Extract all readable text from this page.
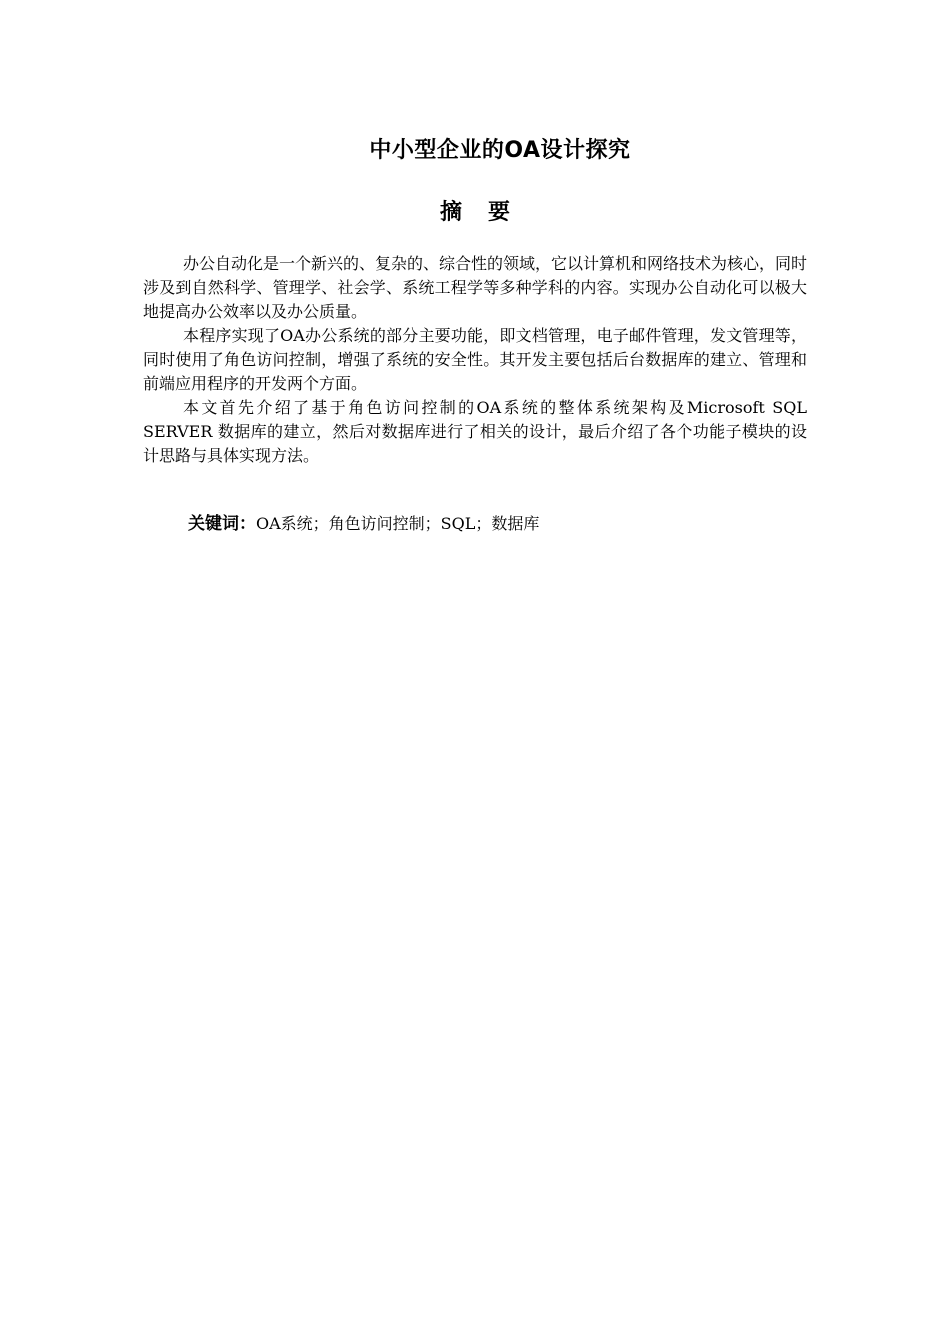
中小型企业的OA设计探究
摘要

办公自动化是一个新兴的、复杂的、综合性的领域，它以计算机和网络技术为核心，同时涉及到自然科学、管理学、社会学、系统工程学等多种学科的内容。实现办公自动化可以极大地提高办公效率以及办公质量。

本程序实现了OA办公系统的部分主要功能，即文档管理，电子邮件管理，发文管理等，同时使用了角色访问控制，增强了系统的安全性。其开发主要包括后台数据库的建立、管理和前端应用程序的开发两个方面。

本文首先介绍了基于角色访问控制的OA系统的整体系统架构及Microsoft SQL SERVER 数据库的建立，然后对数据库进行了相关的设计，最后介绍了各个功能子模块的设计思路与具体实现方法。

关键词：OA系统；角色访问控制；SQL；数据库
